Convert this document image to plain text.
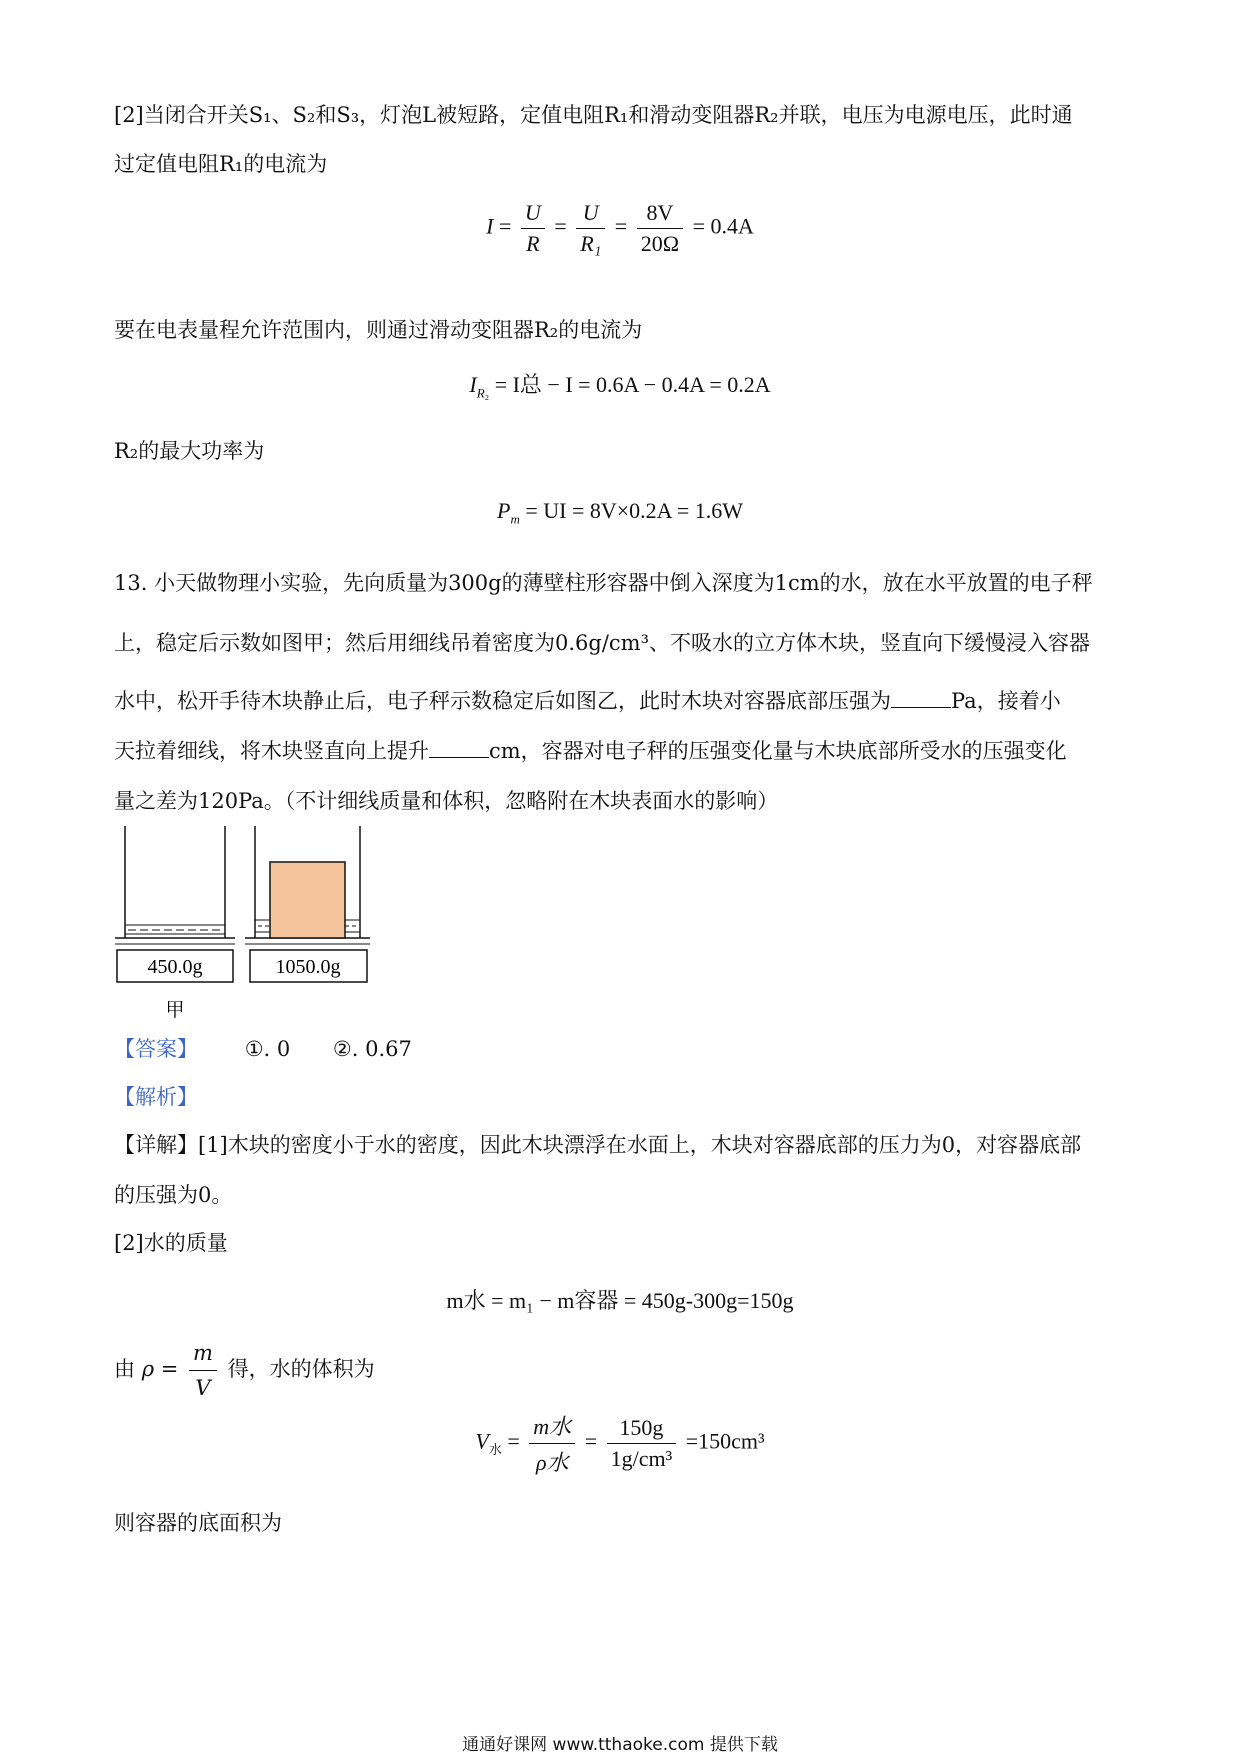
[2]当闭合开关S₁、S₂和S₃，灯泡L被短路，定值电阻R₁和滑动变阻器R₂并联，电压为电源电压，此时通
过定值电阻R₁的电流为
$I = \frac{U}{R} = \frac{U}{\text{R₁}} = \frac{8V}{20\Omega} = 0.4A$
要在电表量程允许范围内，则通过滑动变阻器R₂的电流为
$I_{R_2} = I$总 − I = 0.6A − 0.4A = 0.2A
R₂的最大功率为
$P_m$ = UI = 8V×0.2A = 1.6W
13. 小天做物理小实验，先向质量为300g的薄壁柱形容器中倒入深度为1cm的水，放在水平放置的电子秤
上，稳定后示数如图甲；然后用细线吊着密度为0.6g/cm³、不吸水的立方体木块，竖直向下缓慢浸入容器
水中，松开手待木块静止后，电子秤示数稳定后如图乙，此时木块对容器底部压强为	Pa，接着小
天拉着细线，将木块竖直向上提升	cm，容器对电子秤的压强变化量与木块底部所受水的压强变化
量之差为120Pa。（不计细线质量和体积，忽略附在木块表面水的影响）
450.0g
甲
1050.0g
【答案】 ①. 0 ②. 0.67
【解析】
【详解】[1]木块的密度小于水的密度，因此木块漂浮在水面上，木块对容器底部的压力为0，对容器底部
的压强为0。
[2]水的质量
m水 = m₁ − m容器 = 450g-300g=150g
由 $\rho = \frac{m}{V}$ 得，水的体积为
$V_水 = \frac{\text{m水}}{\text{ρ水}} = \frac{150g}{\text{1g/cm³}} =150cm^3$
则容器的底面积为
通通好课网 www.tthaoke.com 提供下载
